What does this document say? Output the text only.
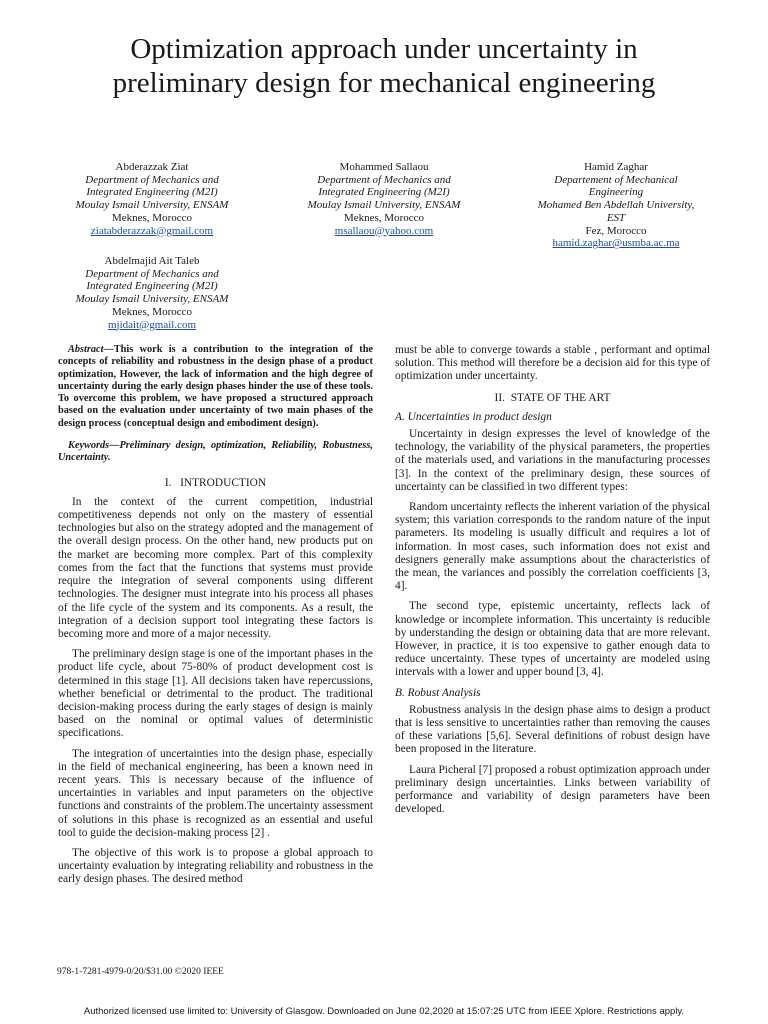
Optimization approach under uncertainty in
preliminary design for mechanical engineering
Abderazzak Ziat
Department of Mechanics and
Integrated Engineering (M2I)
Moulay Ismail University, ENSAM
Meknes, Morocco
ziatabderazzak@gmail.com
Mohammed Sallaou
Department of Mechanics and
Integrated Engineering (M2I)
Moulay Ismail University, ENSAM
Meknes, Morocco
msallaou@yahoo.com
Hamid Zaghar
Departement of Mechanical
Engineering
Mohamed Ben Abdellah University,
EST
Fez, Morocco
hamid.zaghar@usmba.ac.ma
Abdelmajid Ait Taleb
Department of Mechanics and
Integrated Engineering (M2I)
Moulay Ismail University, ENSAM
Meknes, Morocco
mjidait@gmail.com

Abstract—This work is a contribution to the integration of the concepts of reliability and robustness in the design phase of a product optimization, However, the lack of information and the high degree of uncertainty during the early design phases hinder the use of these tools. To overcome this problem, we have proposed a structured approach based on the evaluation under uncertainty of two main phases of the design process (conceptual design and embodiment design).

Keywords—Preliminary design, optimization, Reliability, Robustness, Uncertainty.

I. INTRODUCTION

In the context of the current competition, industrial competitiveness depends not only on the mastery of essential technologies but also on the strategy adopted and the management of the overall design process. On the other hand, new products put on the market are becoming more complex. Part of this complexity comes from the fact that the functions that systems must provide require the integration of several components using different technologies. The designer must integrate into his process all phases of the life cycle of the system and its components. As a result, the integration of a decision support tool integrating these factors is becoming more and more of a major necessity.

The preliminary design stage is one of the important phases in the product life cycle, about 75-80% of product development cost is determined in this stage [1]. All decisions taken have repercussions, whether beneficial or detrimental to the product. The traditional decision-making process during the early stages of design is mainly based on the nominal or optimal values of deterministic specifications.

The integration of uncertainties into the design phase, especially in the field of mechanical engineering, has been a known need in recent years. This is necessary because of the influence of uncertainties in variables and input parameters on the objective functions and constraints of the problem.The uncertainty assessment of solutions in this phase is recognized as an essential and useful tool to guide the decision-making process [2] .

The objective of this work is to propose a global approach to uncertainty evaluation by integrating reliability and robustness in the early design phases. The desired method

must be able to converge towards a stable , performant and optimal solution. This method will therefore be a decision aid for this type of optimization under uncertainty.

II. STATE OF THE ART
A. Uncertainties in product design

Uncertainty in design expresses the level of knowledge of the technology, the variability of the physical parameters, the properties of the materials used, and variations in the manufacturing processes [3]. In the context of the preliminary design, these sources of uncertainty can be classified in two different types:

Random uncertainty reflects the inherent variation of the physical system; this variation corresponds to the random nature of the input parameters. Its modeling is usually difficult and requires a lot of information. In most cases, such information does not exist and designers generally make assumptions about the characteristics of the mean, the variances and possibly the correlation coefficients [3, 4].

The second type, epistemic uncertainty, reflects lack of knowledge or incomplete information. This uncertainty is reducible by understanding the design or obtaining data that are more relevant. However, in practice, it is too expensive to gather enough data to reduce uncertainty. These types of uncertainty are modeled using intervals with a lower and upper bound [3, 4].

B. Robust Analysis

Robustness analysis in the design phase aims to design a product that is less sensitive to uncertainties rather than removing the causes of these variations [5,6]. Several definitions of robust design have been proposed in the literature.

Laura Picheral [7] proposed a robust optimization approach under preliminary design uncertainties. Links between variability of performance and variability of design parameters have been developed.

978-1-7281-4979-0/20/$31.00 ©2020 IEEE
Authorized licensed use limited to: University of Glasgow. Downloaded on June 02,2020 at 15:07:25 UTC from IEEE Xplore. Restrictions apply.
